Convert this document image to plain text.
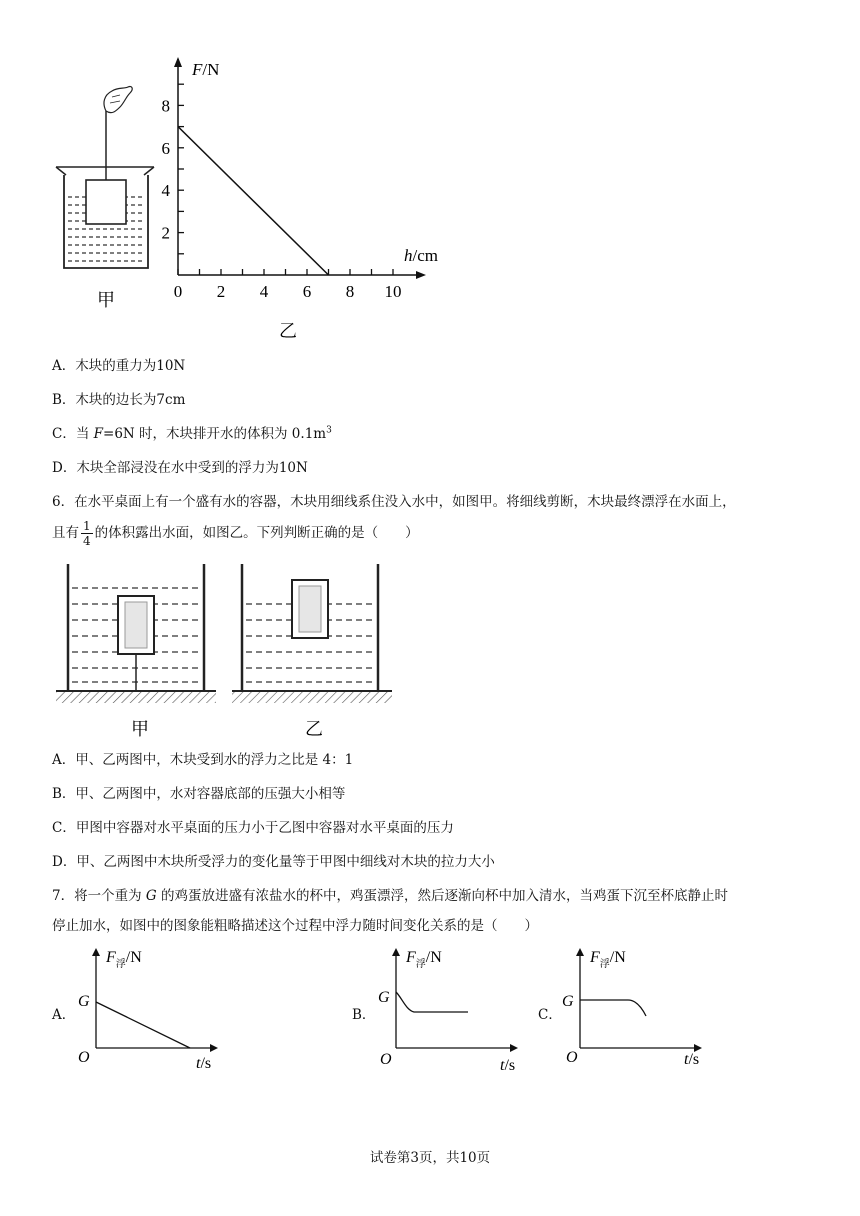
甲	0 2 4 6 8 10
2
4
6
8
F/N
h/cm
乙
A．木块的重力为10N
B．木块的边长为7cm
C．当 F=6N 时，木块排开水的体积为 $0.1m^3$
D．木块全部浸没在水中受到的浮力为10N
6．在水平桌面上有一个盛有水的容器，木块用细线系住没入水中，如图甲。将细线剪断，木块最终漂浮在水面上，
且有 $\frac{1}{4}$ 的体积露出水面，如图乙。下列判断正确的是（　　）
甲	乙
A．甲、乙两图中，木块受到水的浮力之比是 4：1
B．甲、乙两图中，水对容器底部的压强大小相等
C．甲图中容器对水平桌面的压力小于乙图中容器对水平桌面的压力
D．甲、乙两图中木块所受浮力的变化量等于甲图中细线对木块的拉力大小
7．将一个重为 G 的鸡蛋放进盛有浓盐水的杯中，鸡蛋漂浮，然后逐渐向杯中加入清水，当鸡蛋下沉至杯底静止时
停止加水，如图中的图象能粗略描述这个过程中浮力随时间变化关系的是（　　）
A．
$F_浮/N$
G
O	t/s
B．
$F_浮/N$
G
O	t/s
C．
$F_浮/N$
G
O	t/s
试卷第3页，共10页
